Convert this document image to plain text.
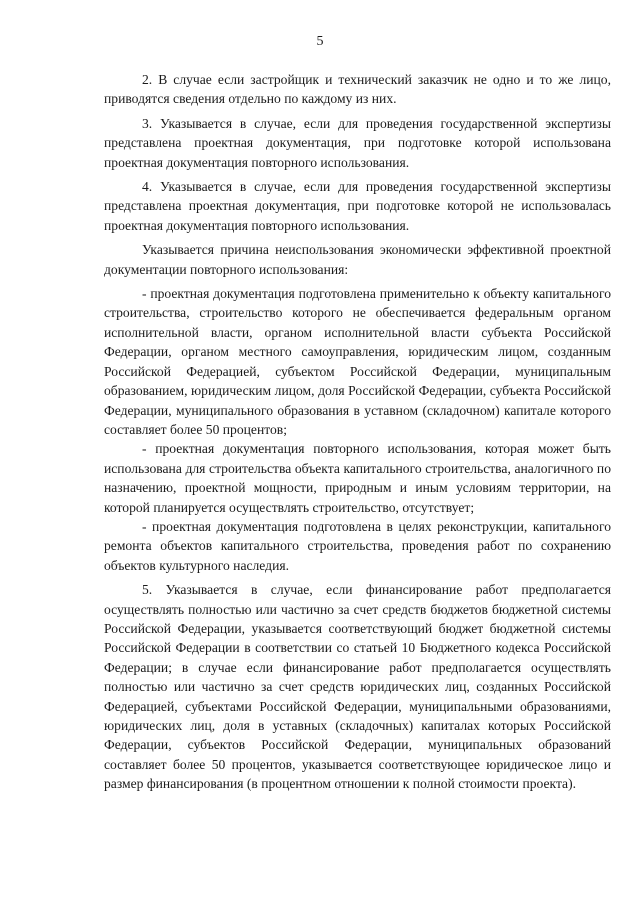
5

2. В случае если застройщик и технический заказчик не одно и то же лицо, приводятся сведения отдельно по каждому из них.

3. Указывается в случае, если для проведения государственной экспертизы представлена проектная документация, при подготовке которой использована проектная документация повторного использования.

4. Указывается в случае, если для проведения государственной экспертизы представлена проектная документация, при подготовке которой не использовалась проектная документация повторного использования.

Указывается причина неиспользования экономически эффективной проектной документации повторного использования:

- проектная документация подготовлена применительно к объекту капитального строительства, строительство которого не обеспечивается федеральным органом исполнительной власти, органом исполнительной власти субъекта Российской Федерации, органом местного самоуправления, юридическим лицом, созданным Российской Федерацией, субъектом Российской Федерации, муниципальным образованием, юридическим лицом, доля Российской Федерации, субъекта Российской Федерации, муниципального образования в уставном (складочном) капитале которого составляет более 50 процентов;

- проектная документация повторного использования, которая может быть использована для строительства объекта капитального строительства, аналогичного по назначению, проектной мощности, природным и иным условиям территории, на которой планируется осуществлять строительство, отсутствует;

- проектная документация подготовлена в целях реконструкции, капитального ремонта объектов капитального строительства, проведения работ по сохранению объектов культурного наследия.

5. Указывается в случае, если финансирование работ предполагается осуществлять полностью или частично за счет средств бюджетов бюджетной системы Российской Федерации, указывается соответствующий бюджет бюджетной системы Российской Федерации в соответствии со статьей 10 Бюджетного кодекса Российской Федерации; в случае если финансирование работ предполагается осуществлять полностью или частично за счет средств юридических лиц, созданных Российской Федерацией, субъектами Российской Федерации, муниципальными образованиями, юридических лиц, доля в уставных (складочных) капиталах которых Российской Федерации, субъектов Российской Федерации, муниципальных образований составляет более 50 процентов, указывается соответствующее юридическое лицо и размер финансирования (в процентном отношении к полной стоимости проекта).
